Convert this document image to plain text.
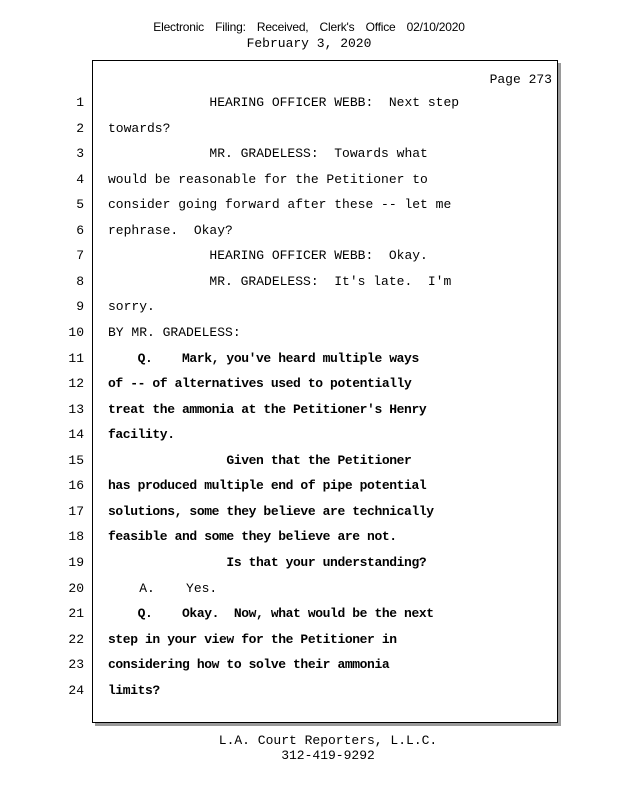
Electronic Filing: Received, Clerk's Office 02/10/2020
February 3, 2020
Page 273
1 HEARING OFFICER WEBB:  Next step
2 towards?
3 MR. GRADELESS:  Towards what
4 would be reasonable for the Petitioner to
5 consider going forward after these -- let me
6 rephrase.  Okay?
7 HEARING OFFICER WEBB:  Okay.
8 MR. GRADELESS:  It's late.  I'm
9 sorry.
10 BY MR. GRADELESS:
11 Q.    Mark, you've heard multiple ways
12 of -- of alternatives used to potentially
13 treat the ammonia at the Petitioner's Henry
14 facility.
15 Given that the Petitioner
16 has produced multiple end of pipe potential
17 solutions, some they believe are technically
18 feasible and some they believe are not.
19 Is that your understanding?
20 A.    Yes.
21 Q.    Okay.  Now, what would be the next
22 step in your view for the Petitioner in
23 considering how to solve their ammonia
24 limits?
L.A. Court Reporters, L.L.C.
312-419-9292
